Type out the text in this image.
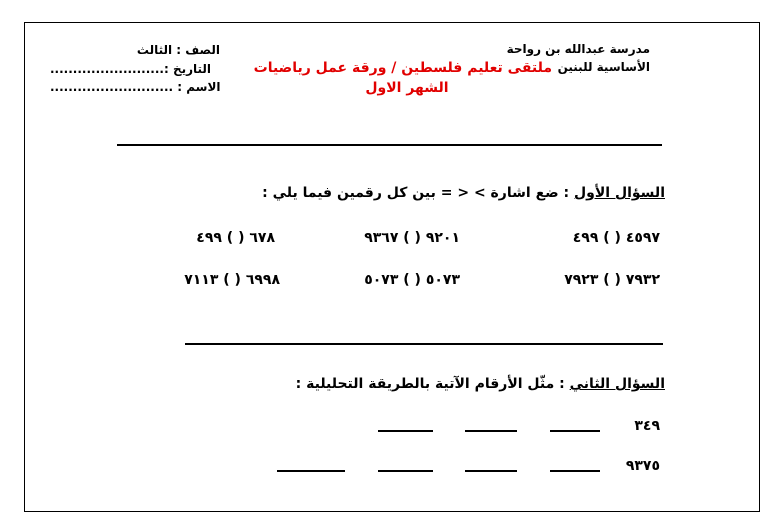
مدرسة عبدالله بن رواحة
الأساسية للبنين
ملتقى تعليم فلسطين / ورقة عمل رياضيات
الشهر الاول
الصف : الثالث
التاريخ :.........................
الاسم : ...........................
السؤال الأول : ضع اشارة > < = بين كل رقمين فيما يلي :
٤٥٩٧ ( ) ٤٩٩
٩٢٠١ ( ) ٩٣٦٧
٦٧٨ ( ) ٤٩٩
٧٩٣٢ ( ) ٧٩٢٣
٥٠٧٣ ( ) ٥٠٧٣
٦٩٩٨ ( ) ٧١١٣
السؤال الثاني : مثّل الأرقام الآتية بالطريقة التحليلية :
٣٤٩
٩٣٧٥
